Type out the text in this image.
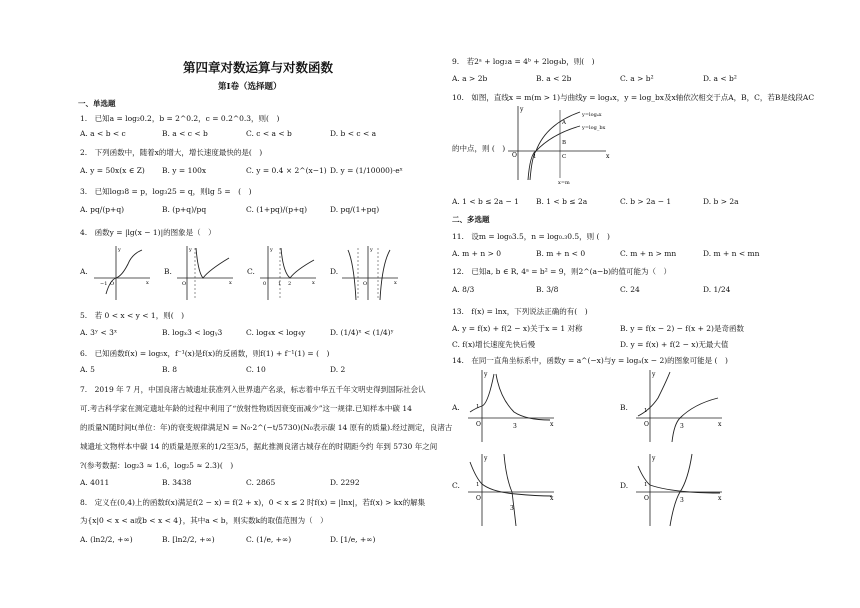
第四章对数运算与对数函数
第I卷（选择题）
一、单选题
1.　已知a = log₂0.2，b = 2^0.2，c = 0.2^0.3，则(　)
A. a < b < c	B. a < c < b	C. c < a < b	D. b < c < a
2.　下列函数中，随着x的增大，增长速度最快的是(　)
A. y = 50x(x ∈ Z) B. y = 100x	C. y = 0.4 × 2^(x−1) D. y = (1/10000)·eˣ
3.　已知log₃8 = p，log₃25 = q，则lg 5 =　(　)
A. pq/(p+q)	B. (p+q)/pq	C. (1+pq)/(p+q)	D. pq/(1+pq)
4.　函数y = |lg(x − 1)|的图象是（　）
A.	B.	C.	D.
y
x
−1 O
y
x
O
y
x
0 1 2
y
x
O
5.　若 0 < x < y < 1，则(　)
A. 3ʸ < 3ˣ	B. logₓ3 < logᵧ3	C. log₄x < log₄y	D. (1/4)ˣ < (1/4)ʸ
6.　已知函数f(x) = log₅x，f⁻¹(x)是f(x)的反函数，则f(1) + f⁻¹(1) = (　)
A. 5	B. 8	C. 10	D. 2
7.　2019 年 7 月，中国良渚古城遗址获准列入世界遗产名录，标志着中华五千年文明史得到国际社会认
可.考古科学家在测定遗址年龄的过程中利用了“放射性物质因衰变而减少”这一规律.已知样本中碳 14
的质量N随时间t(单位：年)的衰变规律满足N = N₀·2^(−t/5730)(N₀表示碳 14 原有的质量).经过测定，良渚古
城遗址文物样本中碳 14 的质量是原来的1/2至3/5，据此推测良渚古城存在的时期距今约 年到 5730 年之间
?(参考数据：log₂3 ≈ 1.6，log₂5 ≈ 2.3)(　)
A. 4011	B. 3438	C. 2865	D. 2292
8.　定义在(0,4)上的函数f(x)满足f(2 − x) = f(2 + x)，0 < x ≤ 2 时f(x) = |lnx|，若f(x) > kx的解集
为{x|0 < x < a或b < x < 4}，其中a < b，则实数k的取值范围为（　）
A. (ln2/2, +∞)	B. [ln2/2, +∞)	C. (1/e, +∞)	D. [1/e, +∞)
9.　若2ᵃ + log₂a = 4ᵇ + 2log₄b，则(　)
A. a > 2b	B. a < 2b	C. a > b²	D. a < b²
10.　如图，直线x = m(m > 1)与曲线y = logₐx，y = log_bx及x轴依次相交于点A，B，C，若B是线段AC
的中点，则 (　)
y
x
O	1
A
B
C
y=logₐx
y=log_bx
x=m
A. 1 < b ≤ 2a − 1 B. 1 < b ≤ 2a	C. b > 2a − 1	D. b > 2a
二、多选题
11.　设m = log₀3.5，n = log₀.₃0.5，则 (　)
A. m + n > 0	B. m + n < 0	C. m + n > mn	D. m + n < mn
12.　已知a, b ∈ R, 4ᵃ = b² = 9，则2^(a−b)的值可能为（　）
A. 8/3	B. 3/8	C. 24	D. 1/24
13.　f(x) = lnx，下列说法正确的有(　)
A. y = f(x) + f(2 − x)关于x = 1 对称	B. y = f(x − 2) − f(x + 2)是奇函数
C. f(x)增长速度先快后慢	D. y = f(x) + f(2 − x)无最大值
14.　在同一直角坐标系中，函数y = a^(−x)与y = logₐ(x − 2)的图象可能是 (　)
A.	B.
C.	D.
y
x
O
1
3
y
x
O
1
3
y
x
O
1
3
y
x
O
1
3
